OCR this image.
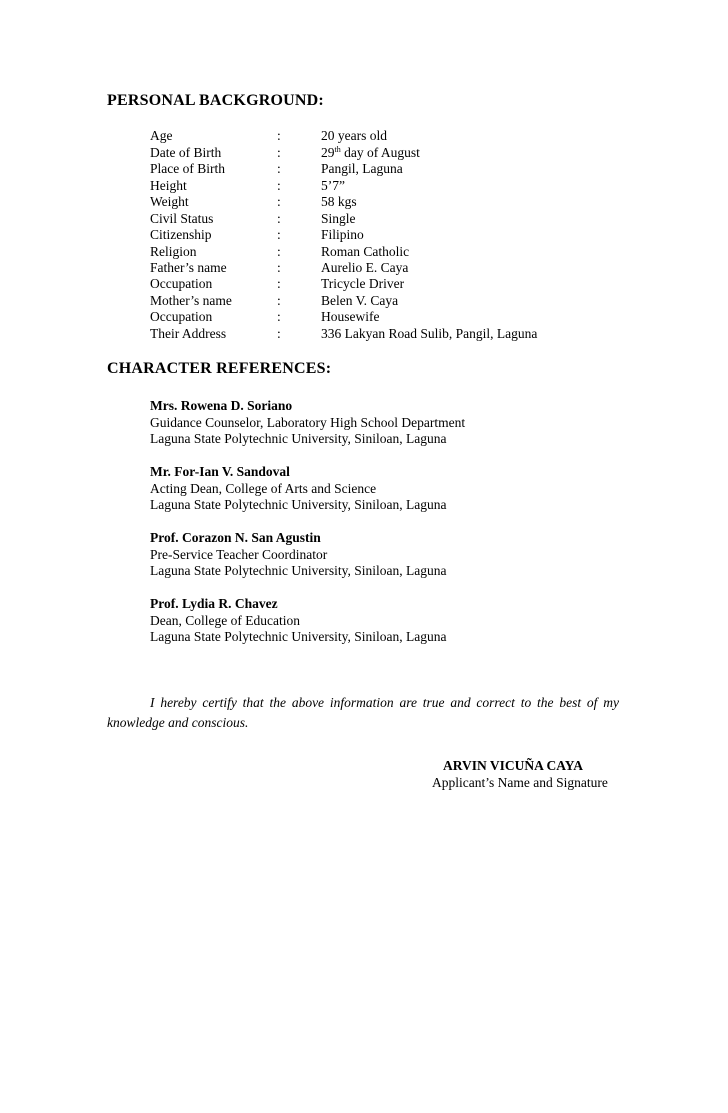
PERSONAL BACKGROUND:
Age	:	20 years old
Date of Birth	:	29th day of August
Place of Birth	:	Pangil, Laguna
Height	:	5’7”
Weight	:	58 kgs
Civil Status	:	Single
Citizenship	:	Filipino
Religion	:	Roman Catholic
Father’s name	:	Aurelio E. Caya
Occupation	:	Tricycle Driver
Mother’s name	:	Belen V. Caya
Occupation	:	Housewife
Their Address	:	336 Lakyan Road Sulib, Pangil, Laguna
CHARACTER REFERENCES:
Mrs. Rowena D. Soriano
Guidance Counselor, Laboratory High School Department
Laguna State Polytechnic University, Siniloan, Laguna
Mr. For-Ian V. Sandoval
Acting Dean, College of Arts and Science
Laguna State Polytechnic University, Siniloan, Laguna
Prof. Corazon N. San Agustin
Pre-Service Teacher Coordinator
Laguna State Polytechnic University, Siniloan, Laguna
Prof. Lydia R. Chavez
Dean, College of Education
Laguna State Polytechnic University, Siniloan, Laguna
I hereby certify that the above information are true and correct to the best of my knowledge and conscious.
ARVIN VICUÑA CAYA
Applicant’s Name and Signature
